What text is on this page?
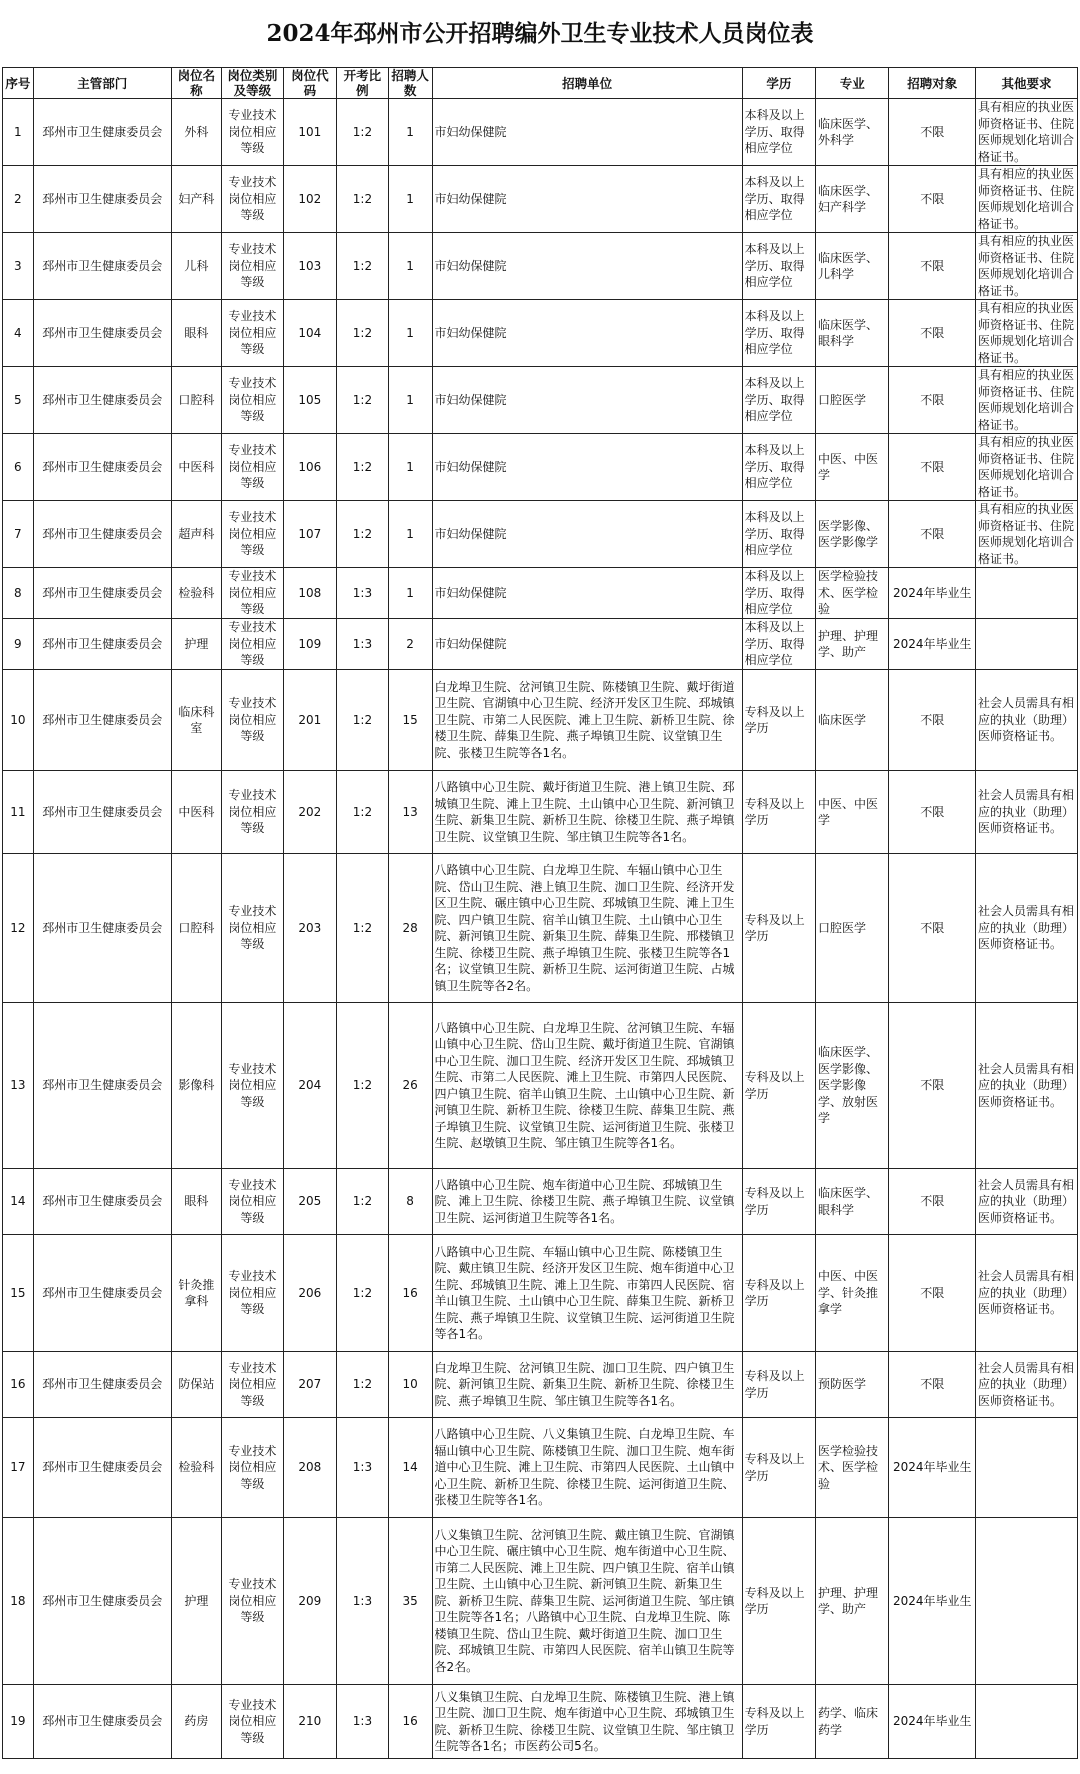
2024年邳州市公开招聘编外卫生专业技术人员岗位表
序号	主管部门	岗位名称	岗位类别及等级	岗位代码	开考比例	招聘人数	招聘单位	学历	专业	招聘对象	其他要求
1	邳州市卫生健康委员会	外科	专业技术岗位相应等级	101	1:2	1	市妇幼保健院	本科及以上学历、取得相应学位	临床医学、外科学	不限	具有相应的执业医师资格证书、住院医师规划化培训合格证书。
2	邳州市卫生健康委员会	妇产科	专业技术岗位相应等级	102	1:2	1	市妇幼保健院	本科及以上学历、取得相应学位	临床医学、妇产科学	不限	具有相应的执业医师资格证书、住院医师规划化培训合格证书。
3	邳州市卫生健康委员会	儿科	专业技术岗位相应等级	103	1:2	1	市妇幼保健院	本科及以上学历、取得相应学位	临床医学、儿科学	不限	具有相应的执业医师资格证书、住院医师规划化培训合格证书。
4	邳州市卫生健康委员会	眼科	专业技术岗位相应等级	104	1:2	1	市妇幼保健院	本科及以上学历、取得相应学位	临床医学、眼科学	不限	具有相应的执业医师资格证书、住院医师规划化培训合格证书。
5	邳州市卫生健康委员会	口腔科	专业技术岗位相应等级	105	1:2	1	市妇幼保健院	本科及以上学历、取得相应学位	口腔医学	不限	具有相应的执业医师资格证书、住院医师规划化培训合格证书。
6	邳州市卫生健康委员会	中医科	专业技术岗位相应等级	106	1:2	1	市妇幼保健院	本科及以上学历、取得相应学位	中医、中医学	不限	具有相应的执业医师资格证书、住院医师规划化培训合格证书。
7	邳州市卫生健康委员会	超声科	专业技术岗位相应等级	107	1:2	1	市妇幼保健院	本科及以上学历、取得相应学位	医学影像、医学影像学	不限	具有相应的执业医师资格证书、住院医师规划化培训合格证书。
8	邳州市卫生健康委员会	检验科	专业技术岗位相应等级	108	1:3	1	市妇幼保健院	本科及以上学历、取得相应学位	医学检验技术、医学检验	2024年毕业生	
9	邳州市卫生健康委员会	护理	专业技术岗位相应等级	109	1:3	2	市妇幼保健院	本科及以上学历、取得相应学位	护理、护理学、助产	2024年毕业生	
10	邳州市卫生健康委员会	临床科室	专业技术岗位相应等级	201	1:2	15	白龙埠卫生院、岔河镇卫生院、陈楼镇卫生院、戴圩街道卫生院、官湖镇中心卫生院、经济开发区卫生院、邳城镇卫生院、市第二人民医院、滩上卫生院、新桥卫生院、徐楼卫生院、薛集卫生院、燕子埠镇卫生院、议堂镇卫生院、张楼卫生院等各1名。	专科及以上学历	临床医学	不限	社会人员需具有相应的执业（助理）医师资格证书。
11	邳州市卫生健康委员会	中医科	专业技术岗位相应等级	202	1:2	13	八路镇中心卫生院、戴圩街道卫生院、港上镇卫生院、邳城镇卫生院、滩上卫生院、土山镇中心卫生院、新河镇卫生院、新集卫生院、新桥卫生院、徐楼卫生院、燕子埠镇卫生院、议堂镇卫生院、邹庄镇卫生院等各1名。	专科及以上学历	中医、中医学	不限	社会人员需具有相应的执业（助理）医师资格证书。
12	邳州市卫生健康委员会	口腔科	专业技术岗位相应等级	203	1:2	28	八路镇中心卫生院、白龙埠卫生院、车辐山镇中心卫生院、岱山卫生院、港上镇卫生院、泇口卫生院、经济开发区卫生院、碾庄镇中心卫生院、邳城镇卫生院、滩上卫生院、四户镇卫生院、宿羊山镇卫生院、土山镇中心卫生院、新河镇卫生院、新集卫生院、薛集卫生院、邢楼镇卫生院、徐楼卫生院、燕子埠镇卫生院、张楼卫生院等各1名；议堂镇卫生院、新桥卫生院、运河街道卫生院、占城镇卫生院等各2名。	专科及以上学历	口腔医学	不限	社会人员需具有相应的执业（助理）医师资格证书。
13	邳州市卫生健康委员会	影像科	专业技术岗位相应等级	204	1:2	26	八路镇中心卫生院、白龙埠卫生院、岔河镇卫生院、车辐山镇中心卫生院、岱山卫生院、戴圩街道卫生院、官湖镇中心卫生院、泇口卫生院、经济开发区卫生院、邳城镇卫生院、市第二人民医院、滩上卫生院、市第四人民医院、四户镇卫生院、宿羊山镇卫生院、土山镇中心卫生院、新河镇卫生院、新桥卫生院、徐楼卫生院、薛集卫生院、燕子埠镇卫生院、议堂镇卫生院、运河街道卫生院、张楼卫生院、赵墩镇卫生院、邹庄镇卫生院等各1名。	专科及以上学历	临床医学、医学影像、医学影像学、放射医学	不限	社会人员需具有相应的执业（助理）医师资格证书。
14	邳州市卫生健康委员会	眼科	专业技术岗位相应等级	205	1:2	8	八路镇中心卫生院、炮车街道中心卫生院、邳城镇卫生院、滩上卫生院、徐楼卫生院、燕子埠镇卫生院、议堂镇卫生院、运河街道卫生院等各1名。	专科及以上学历	临床医学、眼科学	不限	社会人员需具有相应的执业（助理）医师资格证书。
15	邳州市卫生健康委员会	针灸推拿科	专业技术岗位相应等级	206	1:2	16	八路镇中心卫生院、车辐山镇中心卫生院、陈楼镇卫生院、戴庄镇卫生院、经济开发区卫生院、炮车街道中心卫生院、邳城镇卫生院、滩上卫生院、市第四人民医院、宿羊山镇卫生院、土山镇中心卫生院、薛集卫生院、新桥卫生院、燕子埠镇卫生院、议堂镇卫生院、运河街道卫生院等各1名。	专科及以上学历	中医、中医学、针灸推拿学	不限	社会人员需具有相应的执业（助理）医师资格证书。
16	邳州市卫生健康委员会	防保站	专业技术岗位相应等级	207	1:2	10	白龙埠卫生院、岔河镇卫生院、泇口卫生院、四户镇卫生院、新河镇卫生院、新集卫生院、新桥卫生院、徐楼卫生院、燕子埠镇卫生院、邹庄镇卫生院等各1名。	专科及以上学历	预防医学	不限	社会人员需具有相应的执业（助理）医师资格证书。
17	邳州市卫生健康委员会	检验科	专业技术岗位相应等级	208	1:3	14	八路镇中心卫生院、八义集镇卫生院、白龙埠卫生院、车辐山镇中心卫生院、陈楼镇卫生院、泇口卫生院、炮车街道中心卫生院、滩上卫生院、市第四人民医院、土山镇中心卫生院、新桥卫生院、徐楼卫生院、运河街道卫生院、张楼卫生院等各1名。	专科及以上学历	医学检验技术、医学检验	2024年毕业生	
18	邳州市卫生健康委员会	护理	专业技术岗位相应等级	209	1:3	35	八义集镇卫生院、岔河镇卫生院、戴庄镇卫生院、官湖镇中心卫生院、碾庄镇中心卫生院、炮车街道中心卫生院、市第二人民医院、滩上卫生院、四户镇卫生院、宿羊山镇卫生院、土山镇中心卫生院、新河镇卫生院、新集卫生院、新桥卫生院、薛集卫生院、运河街道卫生院、邹庄镇卫生院等各1名；八路镇中心卫生院、白龙埠卫生院、陈楼镇卫生院、岱山卫生院、戴圩街道卫生院、泇口卫生院、邳城镇卫生院、市第四人民医院、宿羊山镇卫生院等各2名。	专科及以上学历	护理、护理学、助产	2024年毕业生	
19	邳州市卫生健康委员会	药房	专业技术岗位相应等级	210	1:3	16	八义集镇卫生院、白龙埠卫生院、陈楼镇卫生院、港上镇卫生院、泇口卫生院、炮车街道中心卫生院、邳城镇卫生院、新桥卫生院、徐楼卫生院、议堂镇卫生院、邹庄镇卫生院等各1名；市医药公司5名。	专科及以上学历	药学、临床药学	2024年毕业生	
